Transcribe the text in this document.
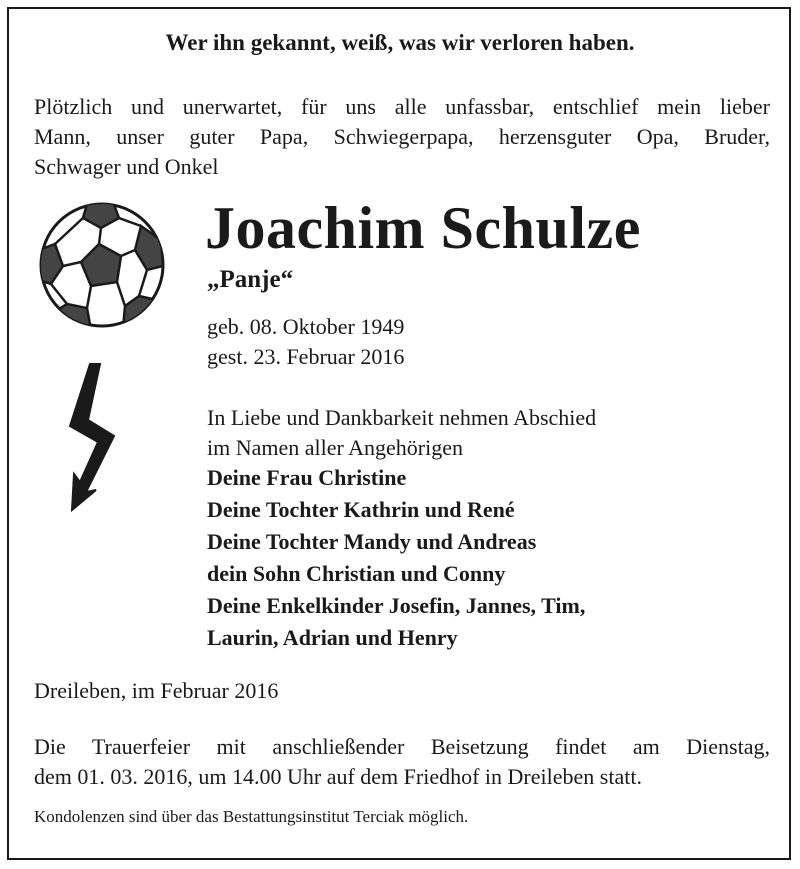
Wer ihn gekannt, weiß, was wir verloren haben.
Plötzlich und unerwartet, für uns alle unfassbar, entschlief mein lieber
Mann, unser guter Papa, Schwiegerpapa, herzensguter Opa, Bruder,
Schwager und Onkel
Joachim Schulze
„Panje“
geb. 08. Oktober 1949
gest. 23. Februar 2016
In Liebe und Dankbarkeit nehmen Abschied
im Namen aller Angehörigen
Deine Frau Christine
Deine Tochter Kathrin und René
Deine Tochter Mandy und Andreas
dein Sohn Christian und Conny
Deine Enkelkinder Josefin, Jannes, Tim,
Laurin, Adrian und Henry
Dreileben, im Februar 2016
Die Trauerfeier mit anschließender Beisetzung findet am Dienstag,
dem 01. 03. 2016, um 14.00 Uhr auf dem Friedhof in Dreileben statt.
Kondolenzen sind über das Bestattungsinstitut Terciak möglich.
